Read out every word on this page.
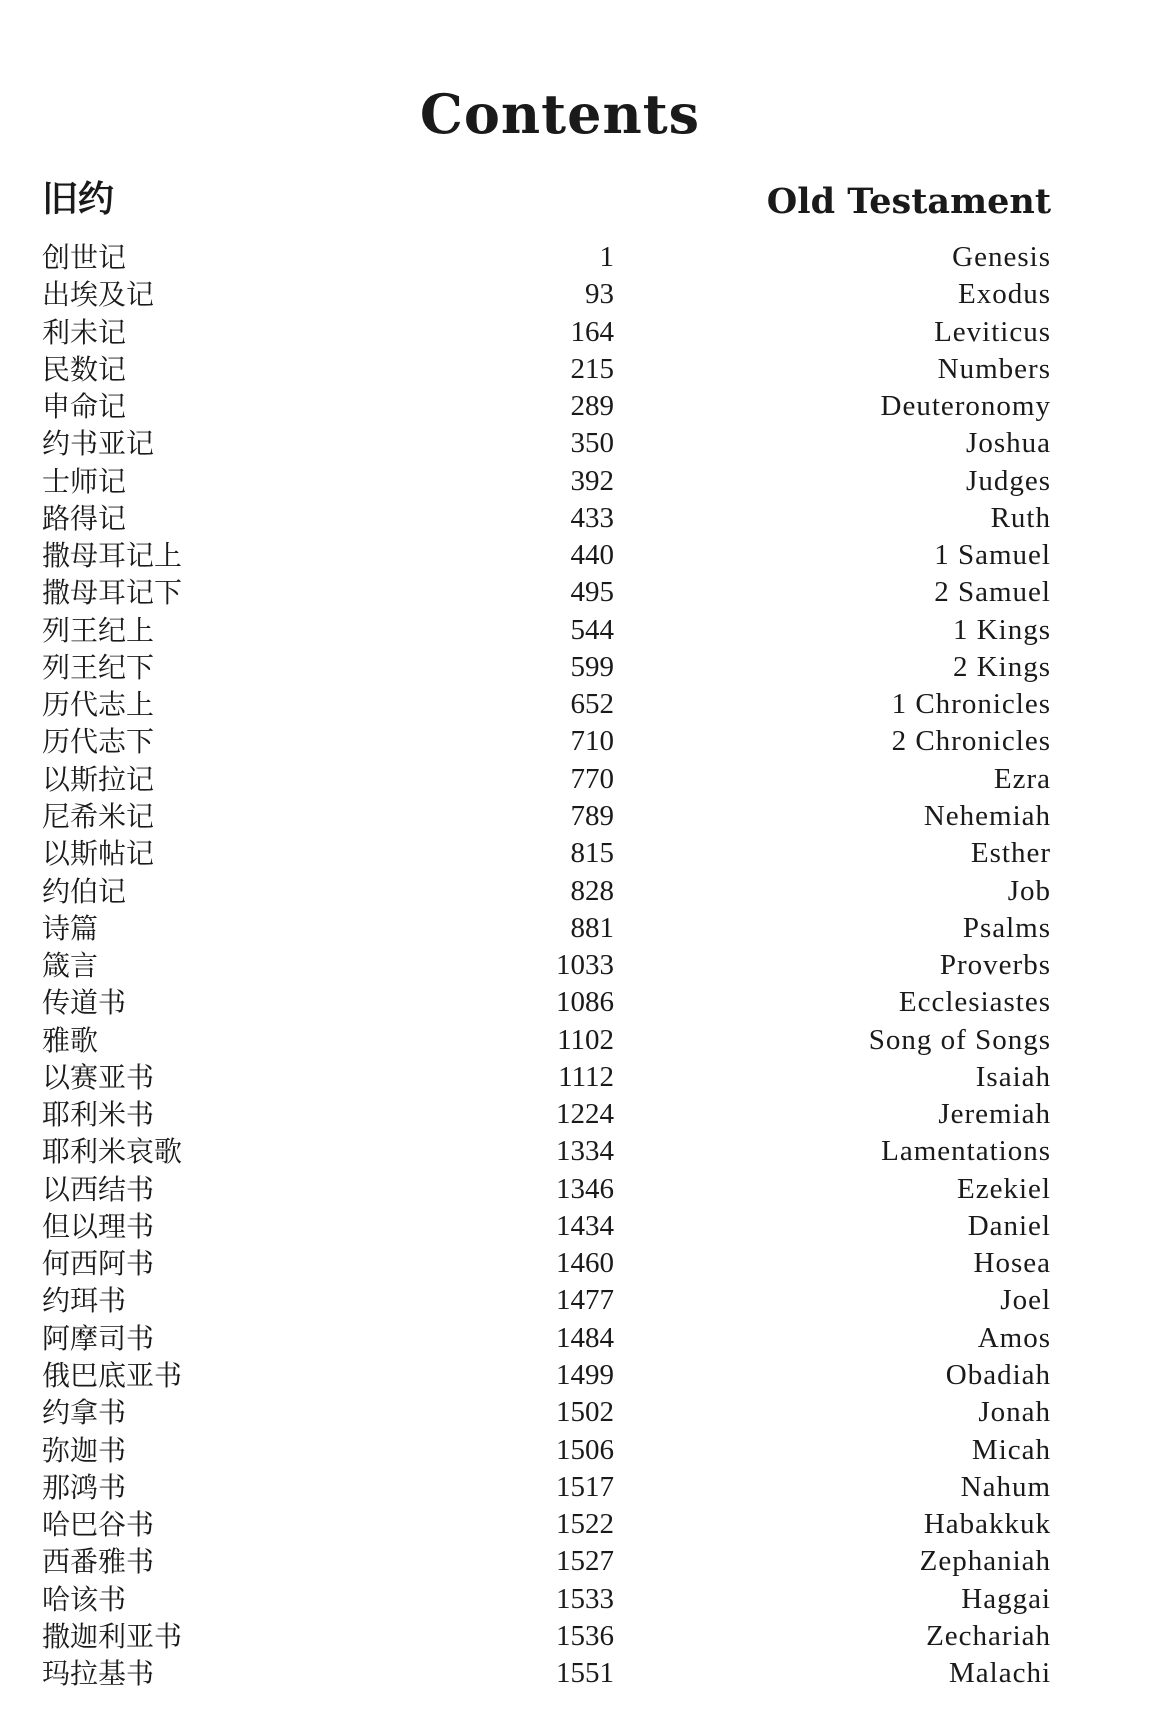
Contents
旧约	Old Testament
创世记	1	Genesis
出埃及记	93	Exodus
利未记	164	Leviticus
民数记	215	Numbers
申命记	289	Deuteronomy
约书亚记	350	Joshua
士师记	392	Judges
路得记	433	Ruth
撒母耳记上	440	1 Samuel
撒母耳记下	495	2 Samuel
列王纪上	544	1 Kings
列王纪下	599	2 Kings
历代志上	652	1 Chronicles
历代志下	710	2 Chronicles
以斯拉记	770	Ezra
尼希米记	789	Nehemiah
以斯帖记	815	Esther
约伯记	828	Job
诗篇	881	Psalms
箴言	1033	Proverbs
传道书	1086	Ecclesiastes
雅歌	1102	Song of Songs
以赛亚书	1112	Isaiah
耶利米书	1224	Jeremiah
耶利米哀歌	1334	Lamentations
以西结书	1346	Ezekiel
但以理书	1434	Daniel
何西阿书	1460	Hosea
约珥书	1477	Joel
阿摩司书	1484	Amos
俄巴底亚书	1499	Obadiah
约拿书	1502	Jonah
弥迦书	1506	Micah
那鸿书	1517	Nahum
哈巴谷书	1522	Habakkuk
西番雅书	1527	Zephaniah
哈该书	1533	Haggai
撒迦利亚书	1536	Zechariah
玛拉基书	1551	Malachi
